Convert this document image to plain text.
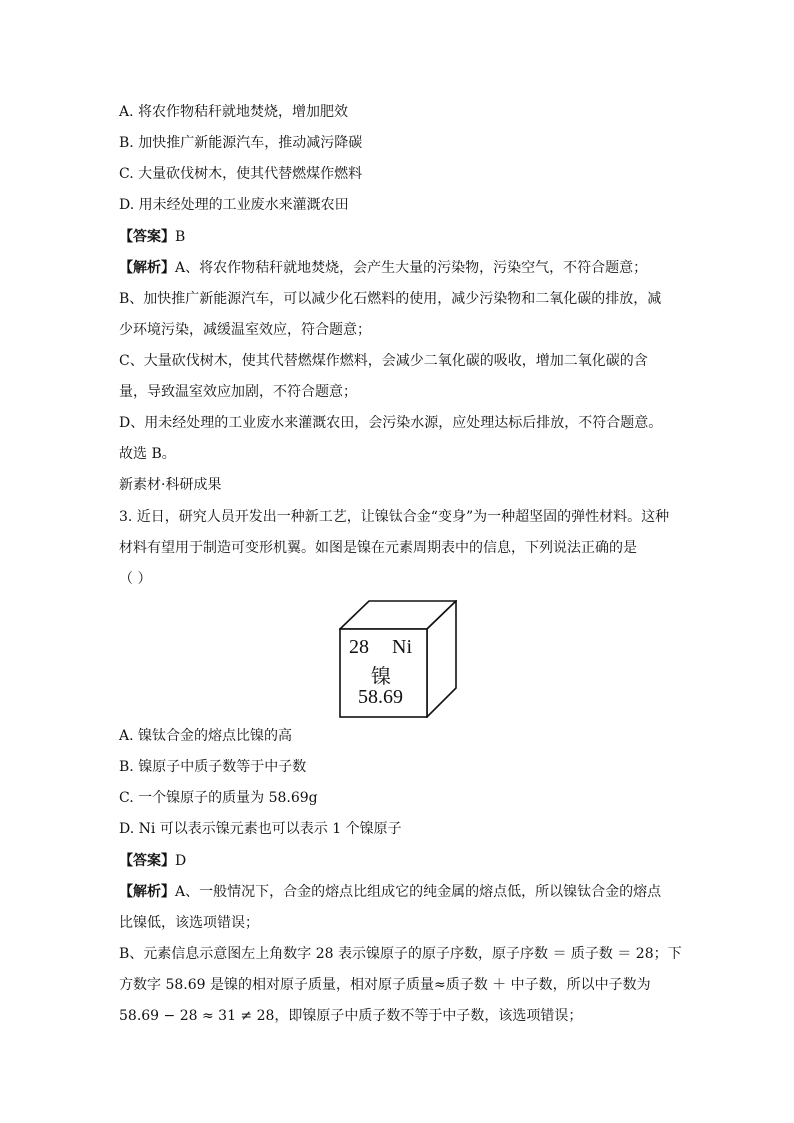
A. 将农作物秸秆就地焚烧，增加肥效
B. 加快推广新能源汽车，推动减污降碳
C. 大量砍伐树木，使其代替燃煤作燃料
D. 用未经处理的工业废水来灌溉农田
【答案】B
【解析】A、将农作物秸秆就地焚烧，会产生大量的污染物，污染空气，不符合题意；
B、加快推广新能源汽车，可以减少化石燃料的使用，减少污染物和二氧化碳的排放，减
少环境污染，减缓温室效应，符合题意；
C、大量砍伐树木，使其代替燃煤作燃料，会减少二氧化碳的吸收，增加二氧化碳的含
量，导致温室效应加剧，不符合题意；
D、用未经处理的工业废水来灌溉农田，会污染水源，应处理达标后排放，不符合题意。
故选 B。
新素材·科研成果
3. 近日，研究人员开发出一种新工艺，让镍钛合金“变身”为一种超坚固的弹性材料。这种
材料有望用于制造可变形机翼。如图是镍在元素周期表中的信息，下列说法正确的是
（ ）
28 Ni
镍
58.69
A. 镍钛合金的熔点比镍的高
B. 镍原子中质子数等于中子数
C. 一个镍原子的质量为 58.69g
D. Ni 可以表示镍元素也可以表示 1 个镍原子
【答案】D
【解析】A、一般情况下，合金的熔点比组成它的纯金属的熔点低，所以镍钛合金的熔点
比镍低，该选项错误；
B、元素信息示意图左上角数字 28 表示镍原子的原子序数，原子序数 ＝ 质子数 ＝ 28；下
方数字 58.69 是镍的相对原子质量，相对原子质量≈质子数 ＋ 中子数，所以中子数为
58.69 − 28 ≈ 31 ≠ 28，即镍原子中质子数不等于中子数，该选项错误；
